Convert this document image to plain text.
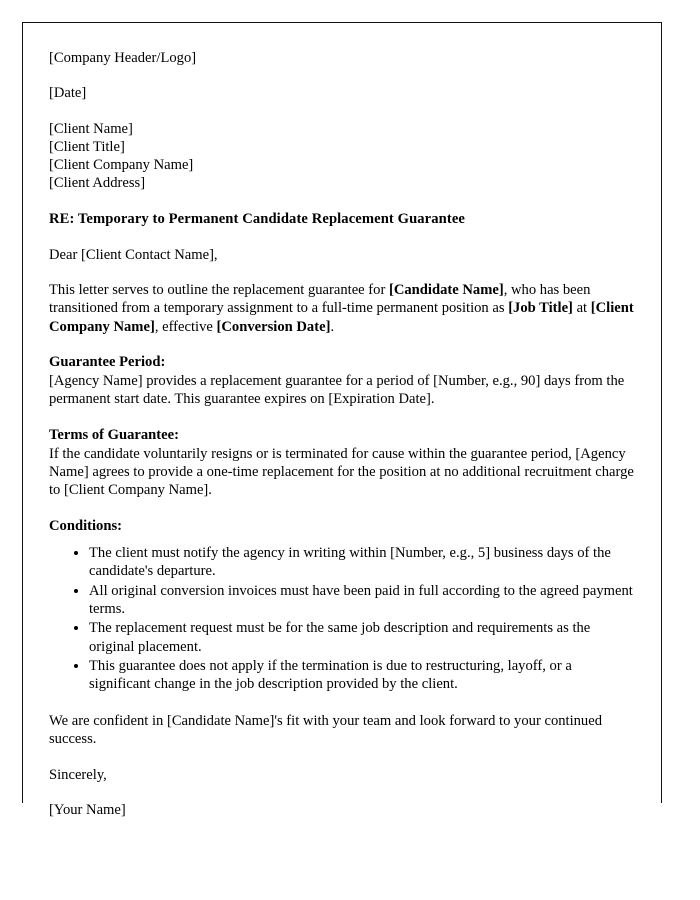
[Company Header/Logo]
[Date]

[Client Name]

[Client Title]

[Client Company Name]

[Client Address]

RE: Temporary to Permanent Candidate Replacement Guarantee

Dear [Client Contact Name],

This letter serves to outline the replacement guarantee for [Candidate Name], who has been transitioned from a temporary assignment to a full-time permanent position as [Job Title] at [Client Company Name], effective [Conversion Date].

Guarantee Period:

[Agency Name] provides a replacement guarantee for a period of [Number, e.g., 90] days from the permanent start date. This guarantee expires on [Expiration Date].

Terms of Guarantee:

If the candidate voluntarily resigns or is terminated for cause within the guarantee period, [Agency Name] agrees to provide a one-time replacement for the position at no additional recruitment charge to [Client Company Name].

Conditions:

• The client must notify the agency in writing within [Number, e.g., 5] business days of the candidate's departure.
• All original conversion invoices must have been paid in full according to the agreed payment terms.
• The replacement request must be for the same job description and requirements as the original placement.
• This guarantee does not apply if the termination is due to restructuring, layoff, or a significant change in the job description provided by the client.

We are confident in [Candidate Name]'s fit with your team and look forward to your continued success.

Sincerely,

[Your Name]
